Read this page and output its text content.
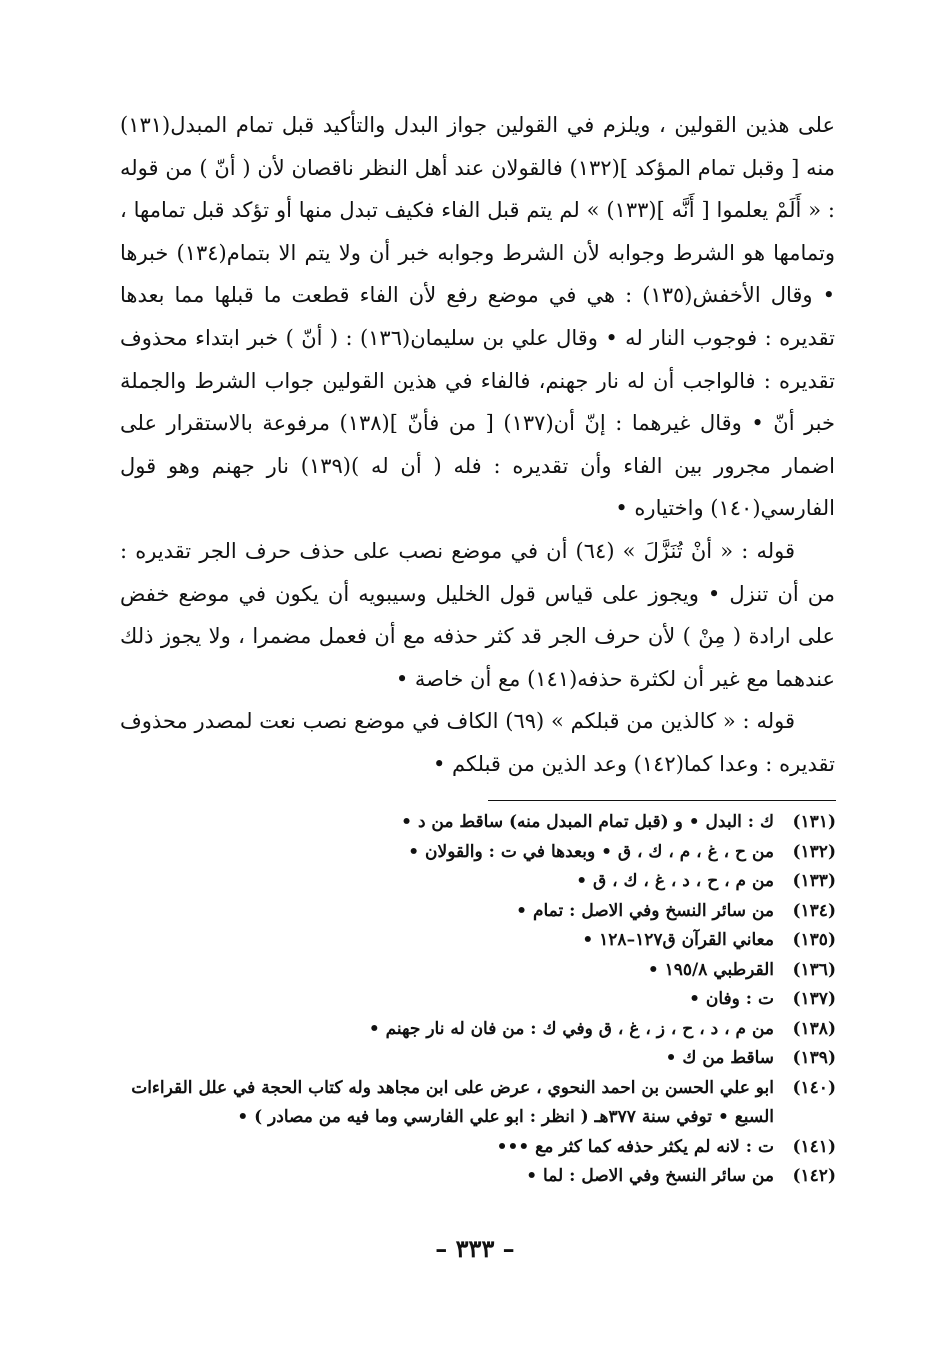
على هذين القولين ، ويلزم في القولين جواز البدل والتأكيد قبل تمام المبدل(١٣١) منه [ وقبل تمام المؤكد ](١٣٢) فالقولان عند أهل النظر ناقصان لأن ( أنّ ) من قوله : « أَلَمْ يعلموا [ أَنَّه ](١٣٣) » لم يتم قبل الفاء فكيف تبدل منها أو تؤكد قبل تمامها ، وتمامها هو الشرط وجوابه لأن الشرط وجوابه خبر أن ولا يتم الا بتمام(١٣٤) خبرها • وقال الأخفش(١٣٥) : هي في موضع رفع لأن الفاء قطعت ما قبلها مما بعدها تقديره : فوجوب النار له • وقال علي بن سليمان(١٣٦) : ( أنّ ) خبر ابتداء محذوف تقديره : فالواجب أن له نار جهنم، فالفاء في هذين القولين جواب الشرط والجملة خبر أنّ • وقال غيرهما : إنّ أن(١٣٧) [ من فأنّ ](١٣٨) مرفوعة بالاستقرار على اضمار مجرور بين الفاء وأن تقديره : فله ( أن له )(١٣٩) نار جهنم وهو قول الفارسي(١٤٠) واختياره •

قوله : « أنْ تُنَزَّلَ » (٦٤) أن في موضع نصب على حذف حرف الجر تقديره : من أن تنزل • ويجوز على قياس قول الخليل وسيبويه أن يكون في موضع خفض على ارادة ( مِنْ ) لأن حرف الجر قد كثر حذفه مع أن فعمل مضمرا ، ولا يجوز ذلك عندهما مع غير أن لكثرة حذفه(١٤١) مع أن خاصة •

قوله : « كالذين من قبلكم » (٦٩) الكاف في موضع نصب نعت لمصدر محذوف تقديره : وعدا كما(١٤٢) وعد الذين من قبلكم •

(١٣١)
ك : البدل • و (قبل تمام المبدل منه) ساقط من د •
(١٣٢)
من ح ، غ ، م ، ك ، ق • وبعدها في ت : والقولان •
(١٣٣)
من م ، ح ، د ، غ ، ك ، ق •
(١٣٤)
من سائر النسخ وفي الاصل : تمام •
(١٣٥)
معاني القرآن ق١٢٧–١٢٨ •
(١٣٦)
القرطبي ١٩٥/٨ •
(١٣٧)
ت : وفان •
(١٣٨)
من م ، د ، ح ، ز ، غ ، ق وفي ك : من فان له نار جهنم •
(١٣٩)
ساقط من ك •
(١٤٠)
ابو علي الحسن بن احمد النحوي ، عرض على ابن مجاهد وله كتاب الحجة في علل القراءات السبع • توفي سنة ٣٧٧هـ ( انظر : ابو علي الفارسي وما فيه من مصادر ) •
(١٤١)
ت : لانه لم يكثر حذفه كما كثر مع •••
(١٤٢)
من سائر النسخ وفي الاصل : لما •
– ٣٣٣ –
